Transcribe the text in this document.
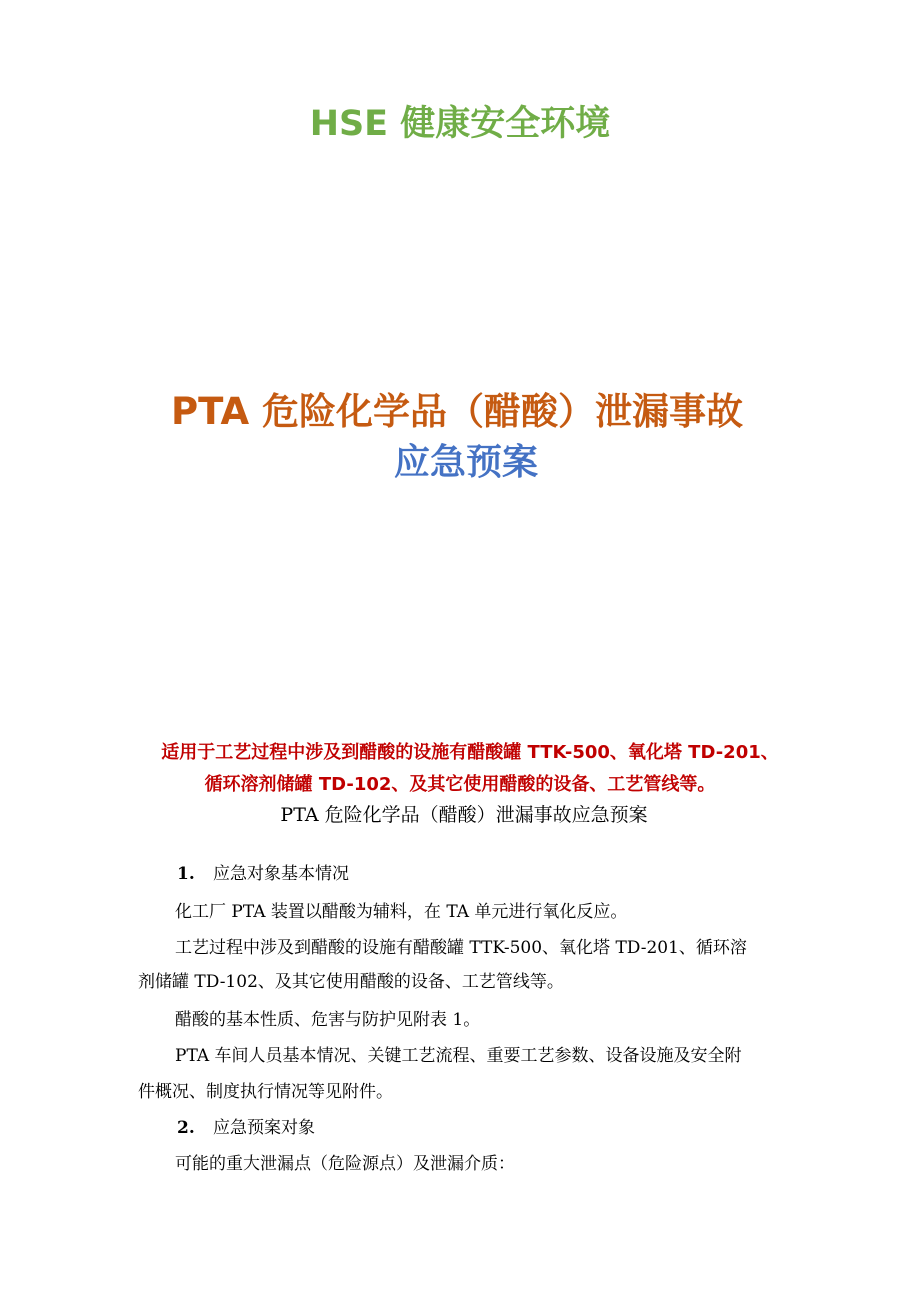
HSE 健康安全环境
PTA 危险化学品（醋酸）泄漏事故
应急预案
适用于工艺过程中涉及到醋酸的设施有醋酸罐 TTK-500、氧化塔 TD-201、
循环溶剂储罐 TD-102、及其它使用醋酸的设备、工艺管线等。
PTA 危险化学品（醋酸）泄漏事故应急预案
1. 应急对象基本情况
化工厂 PTA 装置以醋酸为辅料，在 TA 单元进行氧化反应。
工艺过程中涉及到醋酸的设施有醋酸罐 TTK-500、氧化塔 TD-201、循环溶
剂储罐 TD-102、及其它使用醋酸的设备、工艺管线等。
醋酸的基本性质、危害与防护见附表 1。
PTA 车间人员基本情况、关键工艺流程、重要工艺参数、设备设施及安全附
件概况、制度执行情况等见附件。
2. 应急预案对象
可能的重大泄漏点（危险源点）及泄漏介质：
